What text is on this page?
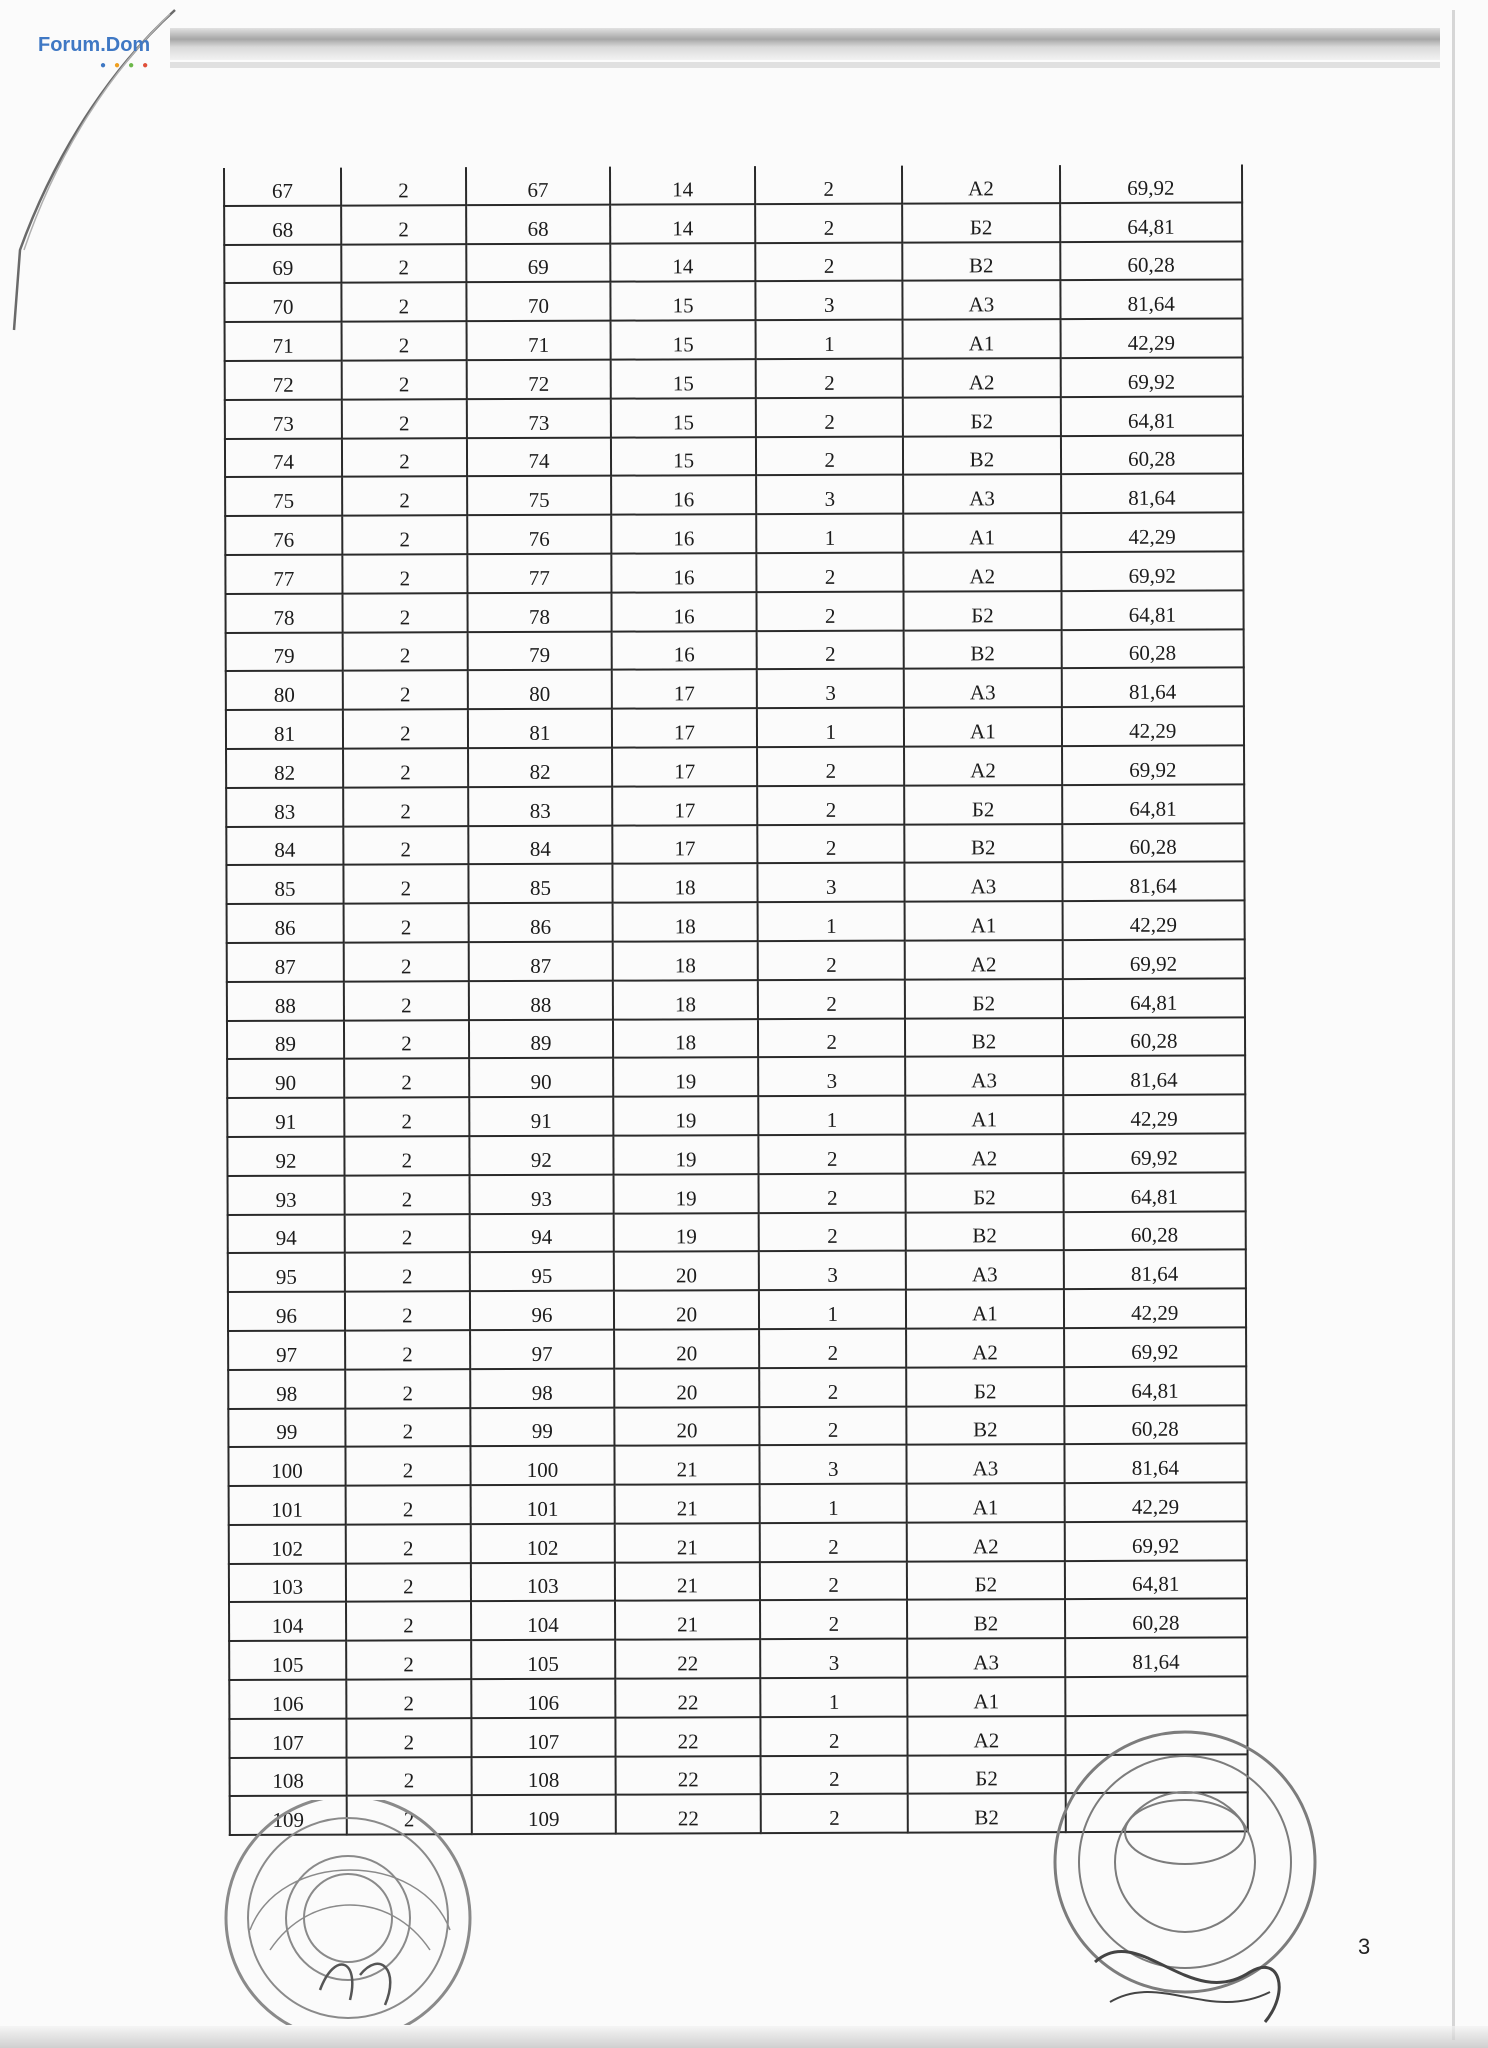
Forum.Dom
●●●●
67	2	67	14	2	А2	69,92
68	2	68	14	2	Б2	64,81
69	2	69	14	2	В2	60,28
70	2	70	15	3	А3	81,64
71	2	71	15	1	А1	42,29
72	2	72	15	2	А2	69,92
73	2	73	15	2	Б2	64,81
74	2	74	15	2	В2	60,28
75	2	75	16	3	А3	81,64
76	2	76	16	1	А1	42,29
77	2	77	16	2	А2	69,92
78	2	78	16	2	Б2	64,81
79	2	79	16	2	В2	60,28
80	2	80	17	3	А3	81,64
81	2	81	17	1	А1	42,29
82	2	82	17	2	А2	69,92
83	2	83	17	2	Б2	64,81
84	2	84	17	2	В2	60,28
85	2	85	18	3	А3	81,64
86	2	86	18	1	А1	42,29
87	2	87	18	2	А2	69,92
88	2	88	18	2	Б2	64,81
89	2	89	18	2	В2	60,28
90	2	90	19	3	А3	81,64
91	2	91	19	1	А1	42,29
92	2	92	19	2	А2	69,92
93	2	93	19	2	Б2	64,81
94	2	94	19	2	В2	60,28
95	2	95	20	3	А3	81,64
96	2	96	20	1	А1	42,29
97	2	97	20	2	А2	69,92
98	2	98	20	2	Б2	64,81
99	2	99	20	2	В2	60,28
100	2	100	21	3	А3	81,64
101	2	101	21	1	А1	42,29
102	2	102	21	2	А2	69,92
103	2	103	21	2	Б2	64,81
104	2	104	21	2	В2	60,28
105	2	105	22	3	А3	81,64
106	2	106	22	1	А1	
107	2	107	22	2	А2	
108	2	108	22	2	Б2	
109	2	109	22	2	В2	
3
